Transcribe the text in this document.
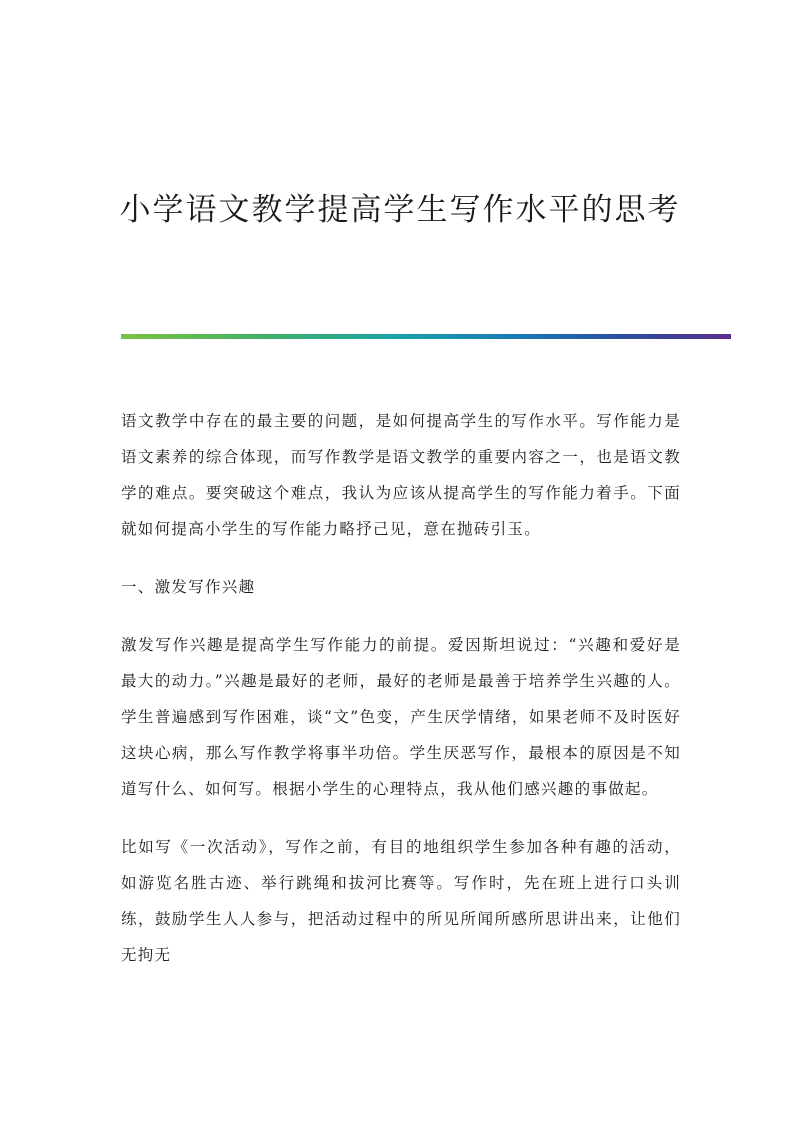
小学语文教学提高学生写作水平的思考

语文教学中存在的最主要的问题，是如何提高学生的写作水平。写作能力是语文素养的综合体现，而写作教学是语文教学的重要内容之一，也是语文教学的难点。要突破这个难点，我认为应该从提高学生的写作能力着手。下面就如何提高小学生的写作能力略抒己见，意在抛砖引玉。

一、激发写作兴趣

激发写作兴趣是提高学生写作能力的前提。爱因斯坦说过：“兴趣和爱好是最大的动力。”兴趣是最好的老师，最好的老师是最善于培养学生兴趣的人。学生普遍感到写作困难，谈“文”色变，产生厌学情绪，如果老师不及时医好这块心病，那么写作教学将事半功倍。学生厌恶写作，最根本的原因是不知道写什么、如何写。根据小学生的心理特点，我从他们感兴趣的事做起。

比如写《一次活动》，写作之前，有目的地组织学生参加各种有趣的活动，如游览名胜古迹、举行跳绳和拔河比赛等。写作时，先在班上进行口头训练，鼓励学生人人参与，把活动过程中的所见所闻所感所思讲出来，让他们无拘无
